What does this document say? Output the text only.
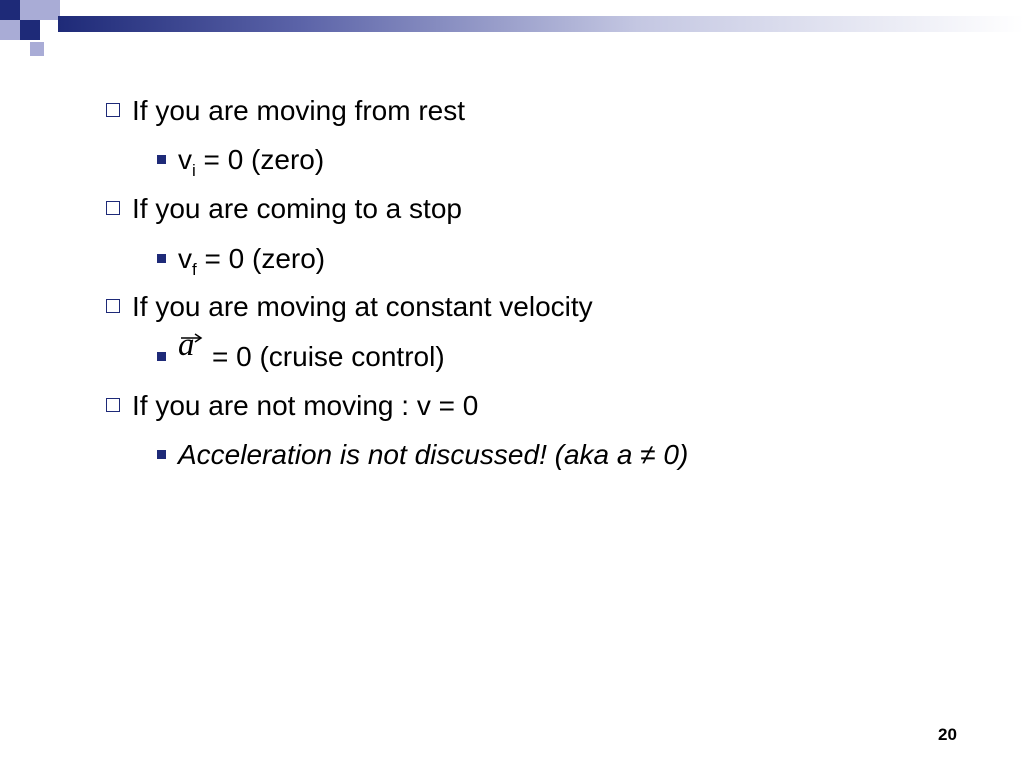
If you are moving from rest
$v_i = 0$ (zero)
If you are coming to a stop
$v_f = 0$ (zero)
If you are moving at constant velocity
a = 0 (cruise control)
If you are not moving : v = 0
Acceleration is not discussed! (aka a ≠ 0)
20
